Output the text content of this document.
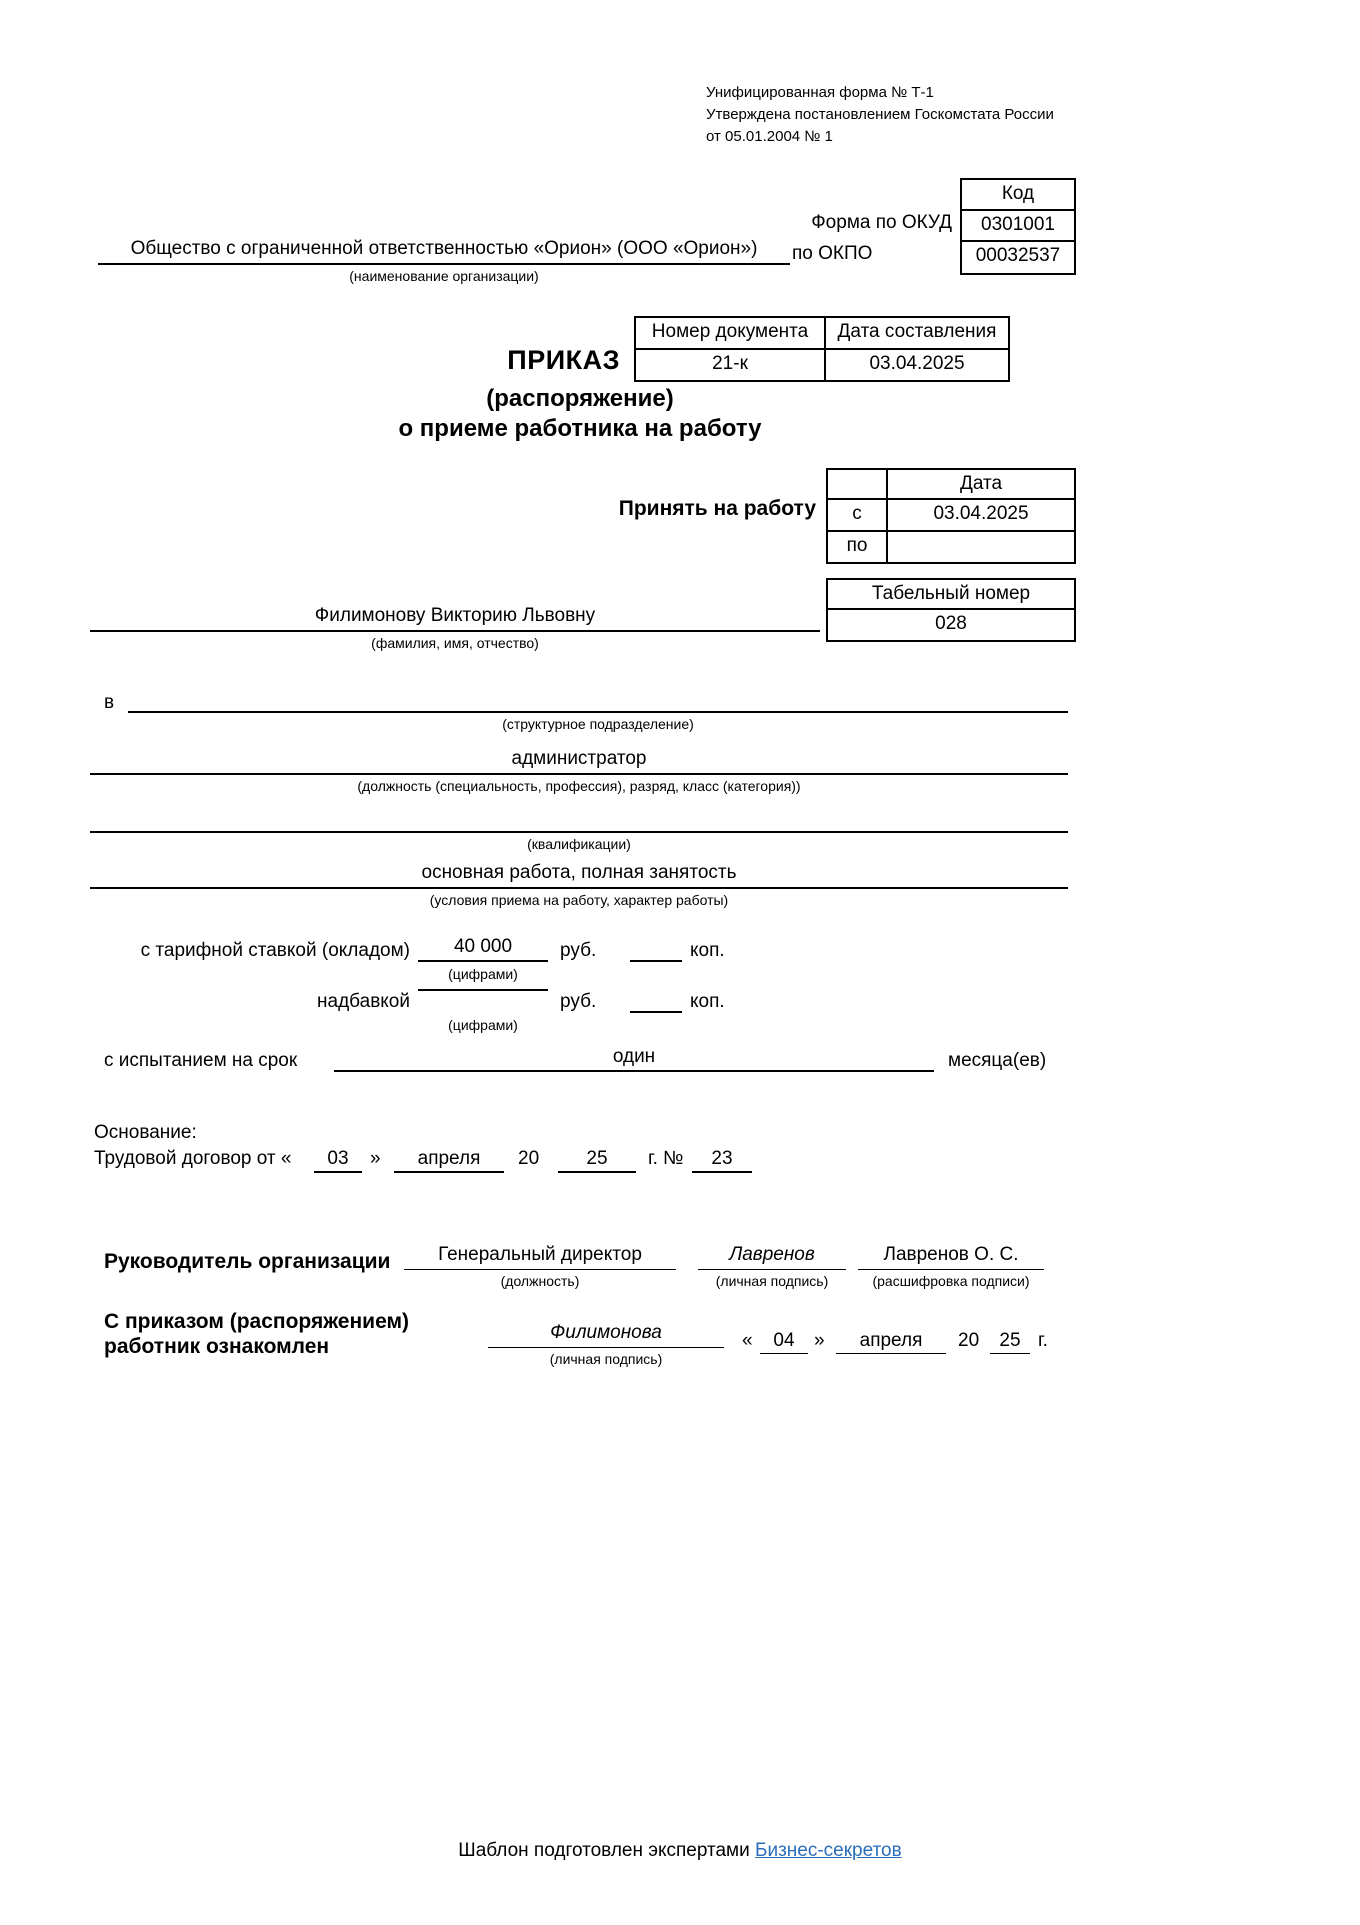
Унифицированная форма № Т-1
Утверждена постановлением Госкомстата России
от 05.01.2004 № 1
Код
0301001
00032537
Форма по ОКУД
по ОКПО
Общество с ограниченной ответственностью «Орион» (ООО «Орион»)
(наименование организации)
Номер документа	Дата составления
21-к	03.04.2025
ПРИКАЗ
(распоряжение)
о приеме работника на работу
Принять на работу
Дата
с	03.04.2025
по
Табельный номер
028
Филимонову Викторию Львовну
(фамилия, имя, отчество)
в
(структурное подразделение)
администратор
(должность (специальность, профессия), разряд, класс (категория))
(квалификации)
основная работа, полная занятость
(условия приема на работу, характер работы)
с тарифной ставкой (окладом)	40 000
(цифрами)
руб.	коп.
надбавкой
(цифрами)
руб.	коп.
с испытанием на срок	один	месяца(ев)
Основание:
Трудовой договор от «	03	»	апреля	20	25	г. №	23
Руководитель организации	Генеральный директор
(должность)
Лавренов
(личная подпись)
Лавренов О. С.
(расшифровка подписи)
С приказом (распоряжением)
работник ознакомлен
Филимонова
(личная подпись)
«	04	»	апреля	20	25 г.
Шаблон подготовлен экспертами Бизнес-секретов
